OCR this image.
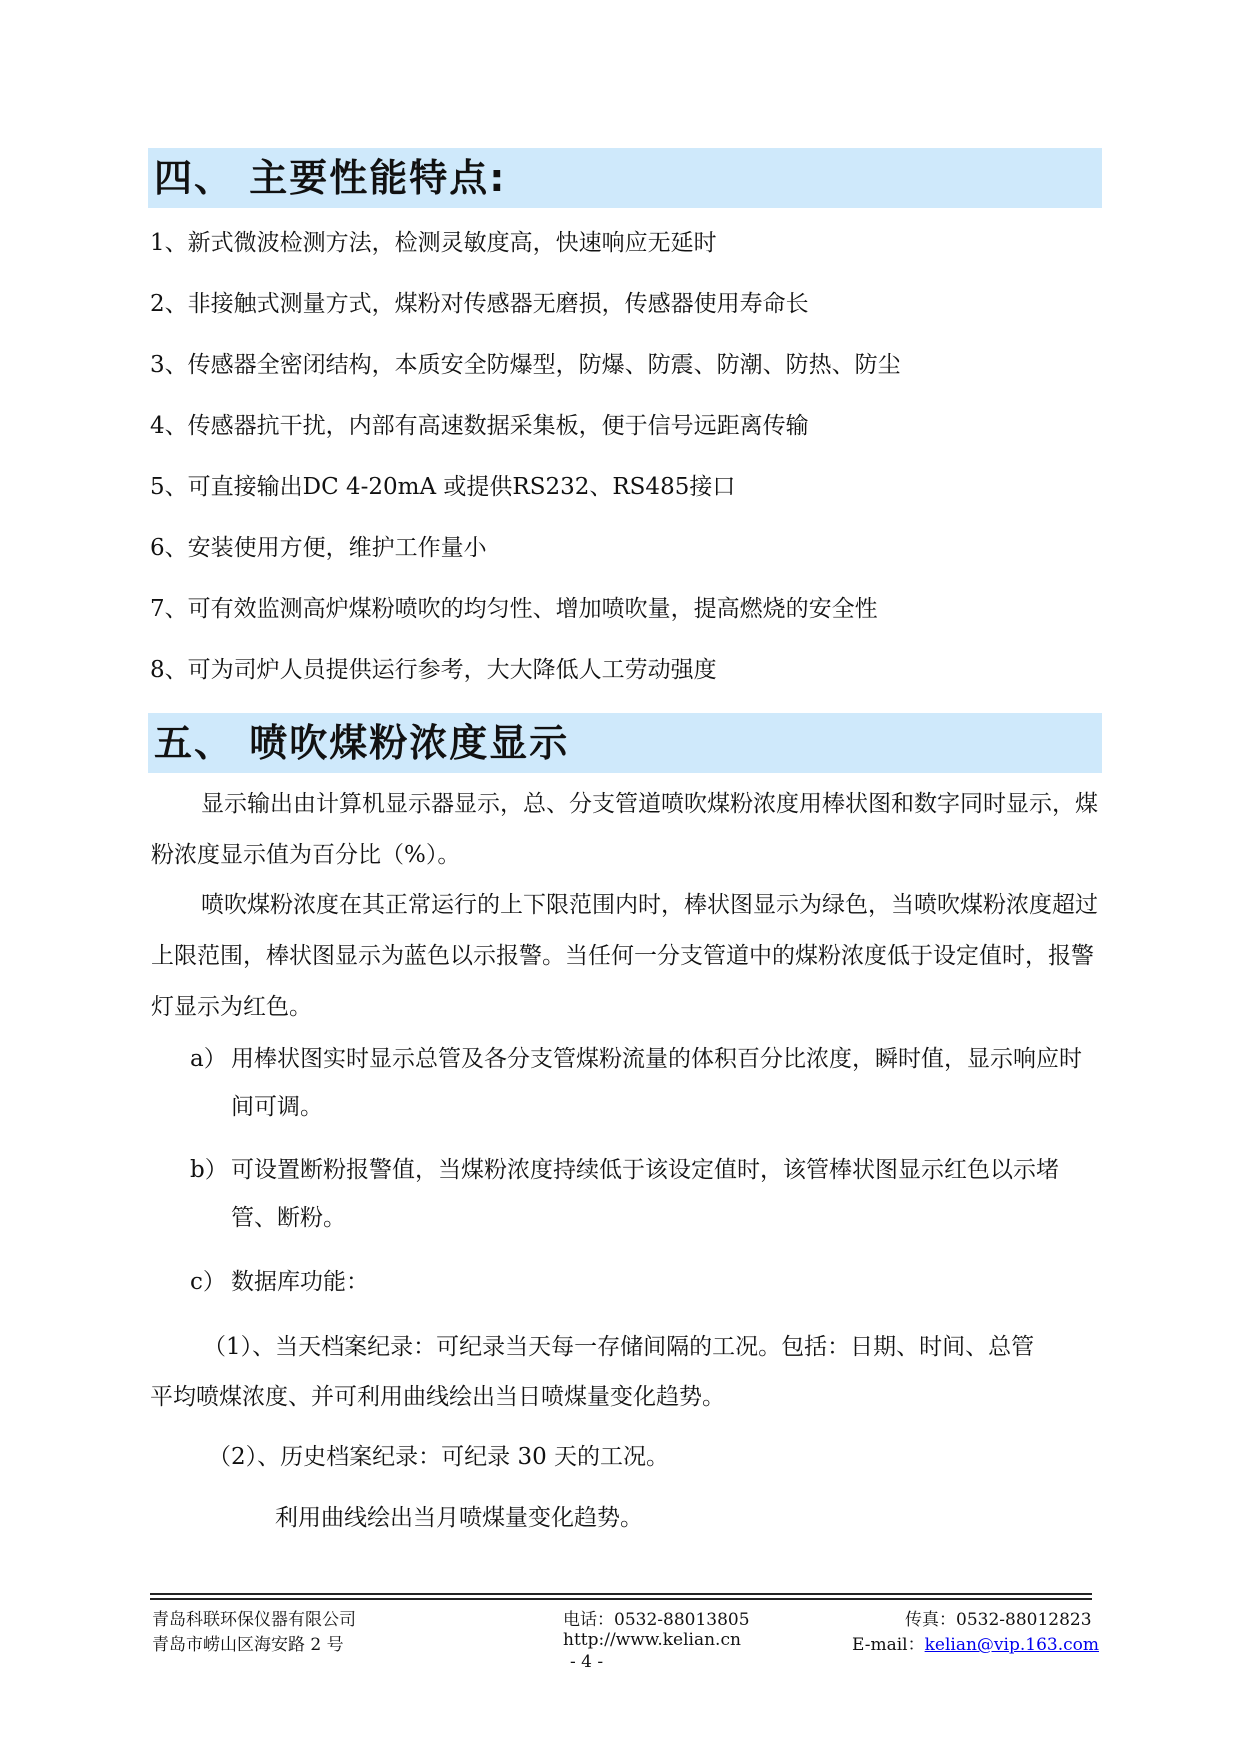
四、 主要性能特点:
1、新式微波检测方法，检测灵敏度高，快速响应无延时
2、非接触式测量方式，煤粉对传感器无磨损，传感器使用寿命长
3、传感器全密闭结构，本质安全防爆型，防爆、防震、防潮、防热、防尘
4、传感器抗干扰，内部有高速数据采集板，便于信号远距离传输
5、可直接输出DC 4-20mA 或提供RS232、RS485接口
6、安装使用方便，维护工作量小
7、可有效监测高炉煤粉喷吹的均匀性、增加喷吹量，提高燃烧的安全性
8、可为司炉人员提供运行参考，大大降低人工劳动强度
五、 喷吹煤粉浓度显示
显示输出由计算机显示器显示，总、分支管道喷吹煤粉浓度用棒状图和数字同时显示，煤粉浓度显示值为百分比（%）。
喷吹煤粉浓度在其正常运行的上下限范围内时，棒状图显示为绿色，当喷吹煤粉浓度超过上限范围，棒状图显示为蓝色以示报警。当任何一分支管道中的煤粉浓度低于设定值时，报警灯显示为红色。
a） 用棒状图实时显示总管及各分支管煤粉流量的体积百分比浓度，瞬时值，显示响应时间可调。
b） 可设置断粉报警值，当煤粉浓度持续低于该设定值时，该管棒状图显示红色以示堵管、断粉。
c） 数据库功能：
（1）、当天档案纪录：可纪录当天每一存储间隔的工况。包括：日期、时间、总管
平均喷煤浓度、并可利用曲线绘出当日喷煤量变化趋势。
（2）、历史档案纪录：可纪录 30 天的工况。
利用曲线绘出当月喷煤量变化趋势。
青岛科联环保仪器有限公司
青岛市崂山区海安路 2 号
电话：0532-88013805
http://www.kelian.cn
传真：0532-88012823
E-mail：kelian@vip.163.com
- 4 -
